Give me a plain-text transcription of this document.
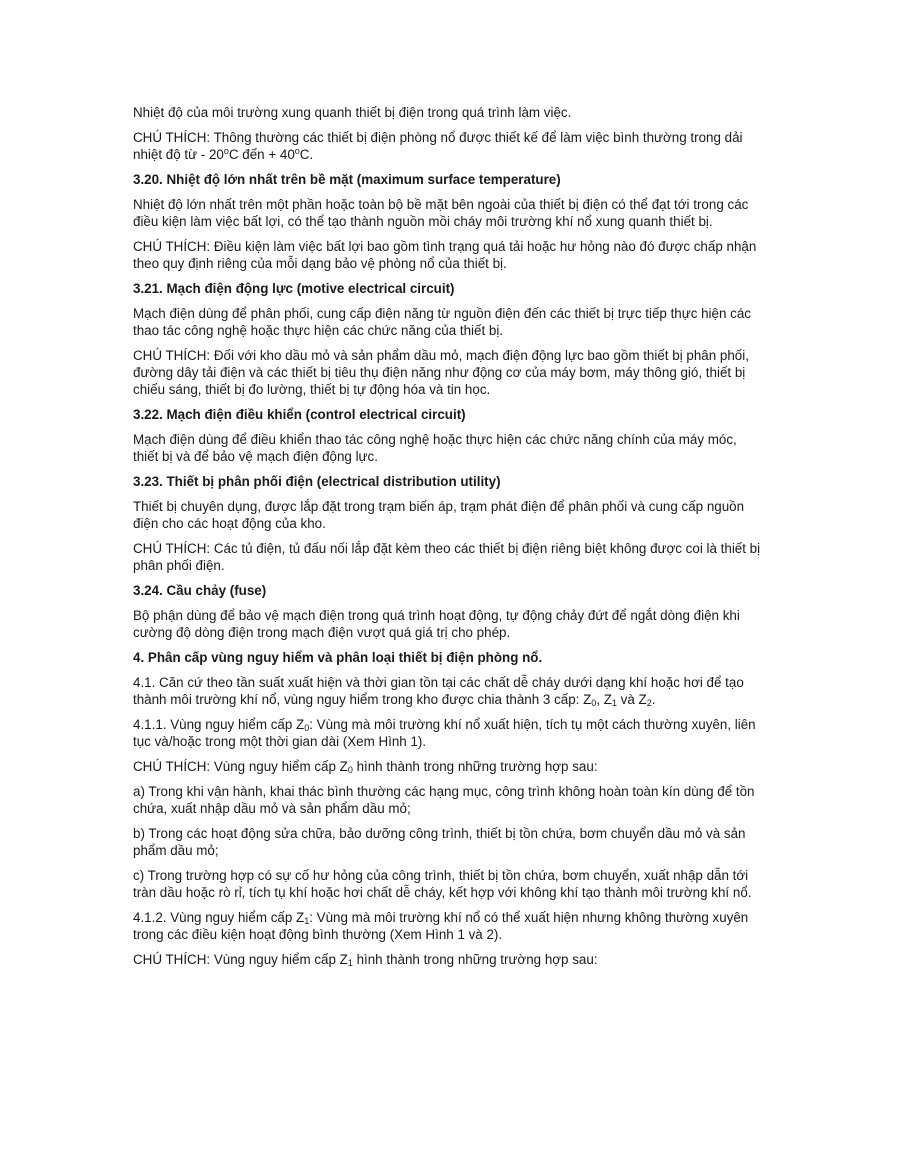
Nhiệt độ của môi trường xung quanh thiết bị điện trong quá trình làm việc.

CHÚ THÍCH: Thông thường các thiết bị điện phòng nổ được thiết kế để làm việc bình thường trong dải nhiệt độ từ - 20$^o$C đến + $40^oC$.

3.20. Nhiệt độ lớn nhất trên bề mặt (maximum surface temperature)

Nhiệt độ lớn nhất trên một phần hoặc toàn bộ bề mặt bên ngoài của thiết bị điện có thể đạt tới trong các điều kiện làm việc bất lợi, có thể tạo thành nguồn mồi cháy môi trường khí nổ xung quanh thiết bị.

CHÚ THÍCH: Điều kiện làm việc bất lợi bao gồm tình trạng quá tải hoặc hư hỏng nào đó được chấp nhận theo quy định riêng của mỗi dạng bảo vệ phòng nổ của thiết bị.

3.21. Mạch điện động lực (motive electrical circuit)

Mạch điện dùng để phân phối, cung cấp điện năng từ nguồn điện đến các thiết bị trực tiếp thực hiện các thao tác công nghệ hoặc thực hiện các chức năng của thiết bị.

CHÚ THÍCH: Đối với kho dầu mỏ và sản phẩm dầu mỏ, mạch điện động lực bao gồm thiết bị phân phối, đường dây tải điện và các thiết bị tiêu thụ điện năng như động cơ của máy bơm, máy thông gió, thiết bị chiếu sáng, thiết bị đo lường, thiết bị tự động hóa và tin học.

3.22. Mạch điện điều khiển (control electrical circuit)

Mạch điện dùng để điều khiển thao tác công nghệ hoặc thực hiện các chức năng chính của máy móc, thiết bị và để bảo vệ mạch điện động lực.

3.23. Thiết bị phân phối điện (electrical distribution utility)

Thiết bị chuyên dụng, được lắp đặt trong trạm biến áp, trạm phát điện để phân phối và cung cấp nguồn điện cho các hoạt động của kho.

CHÚ THÍCH: Các tủ điện, tủ đấu nối lắp đặt kèm theo các thiết bị điện riêng biệt không được coi là thiết bị phân phối điện.

3.24. Cầu chảy (fuse)

Bộ phận dùng để bảo vệ mạch điện trong quá trình hoạt động, tự động chảy đứt để ngắt dòng điện khi cường độ dòng điện trong mạch điện vượt quá giá trị cho phép.

4. Phân cấp vùng nguy hiểm và phân loại thiết bị điện phòng nổ.

4.1. Căn cứ theo tần suất xuất hiện và thời gian tồn tại các chất dễ cháy dưới dạng khí hoặc hơi để tạo thành môi trường khí nổ, vùng nguy hiểm trong kho được chia thành 3 cấp: $Z_0$, $Z_1$ và $Z_2$.

4.1.1. Vùng nguy hiểm cấp $Z_0$: Vùng mà môi trường khí nổ xuất hiện, tích tụ một cách thường xuyên, liên tục và/hoặc trong một thời gian dài (Xem Hình 1).

CHÚ THÍCH: Vùng nguy hiểm cấp $Z_0$ hình thành trong những trường hợp sau:

a) Trong khi vận hành, khai thác bình thường các hạng mục, công trình không hoàn toàn kín dùng để tồn chứa, xuất nhập dầu mỏ và sản phẩm dầu mỏ;

b) Trong các hoạt động sửa chữa, bảo dưỡng công trình, thiết bị tồn chứa, bơm chuyển dầu mỏ và sản phẩm dầu mỏ;

c) Trong trường hợp có sự cố hư hỏng của công trình, thiết bị tồn chứa, bơm chuyển, xuất nhập dẫn tới tràn dầu hoặc rò rỉ, tích tụ khí hoặc hơi chất dễ cháy, kết hợp với không khí tạo thành môi trường khí nổ.

4.1.2. Vùng nguy hiểm cấp $Z_1$: Vùng mà môi trường khí nổ có thể xuất hiện nhưng không thường xuyên trong các điều kiện hoạt động bình thường (Xem Hình 1 và 2).

CHÚ THÍCH: Vùng nguy hiểm cấp $Z_1$ hình thành trong những trường hợp sau:
